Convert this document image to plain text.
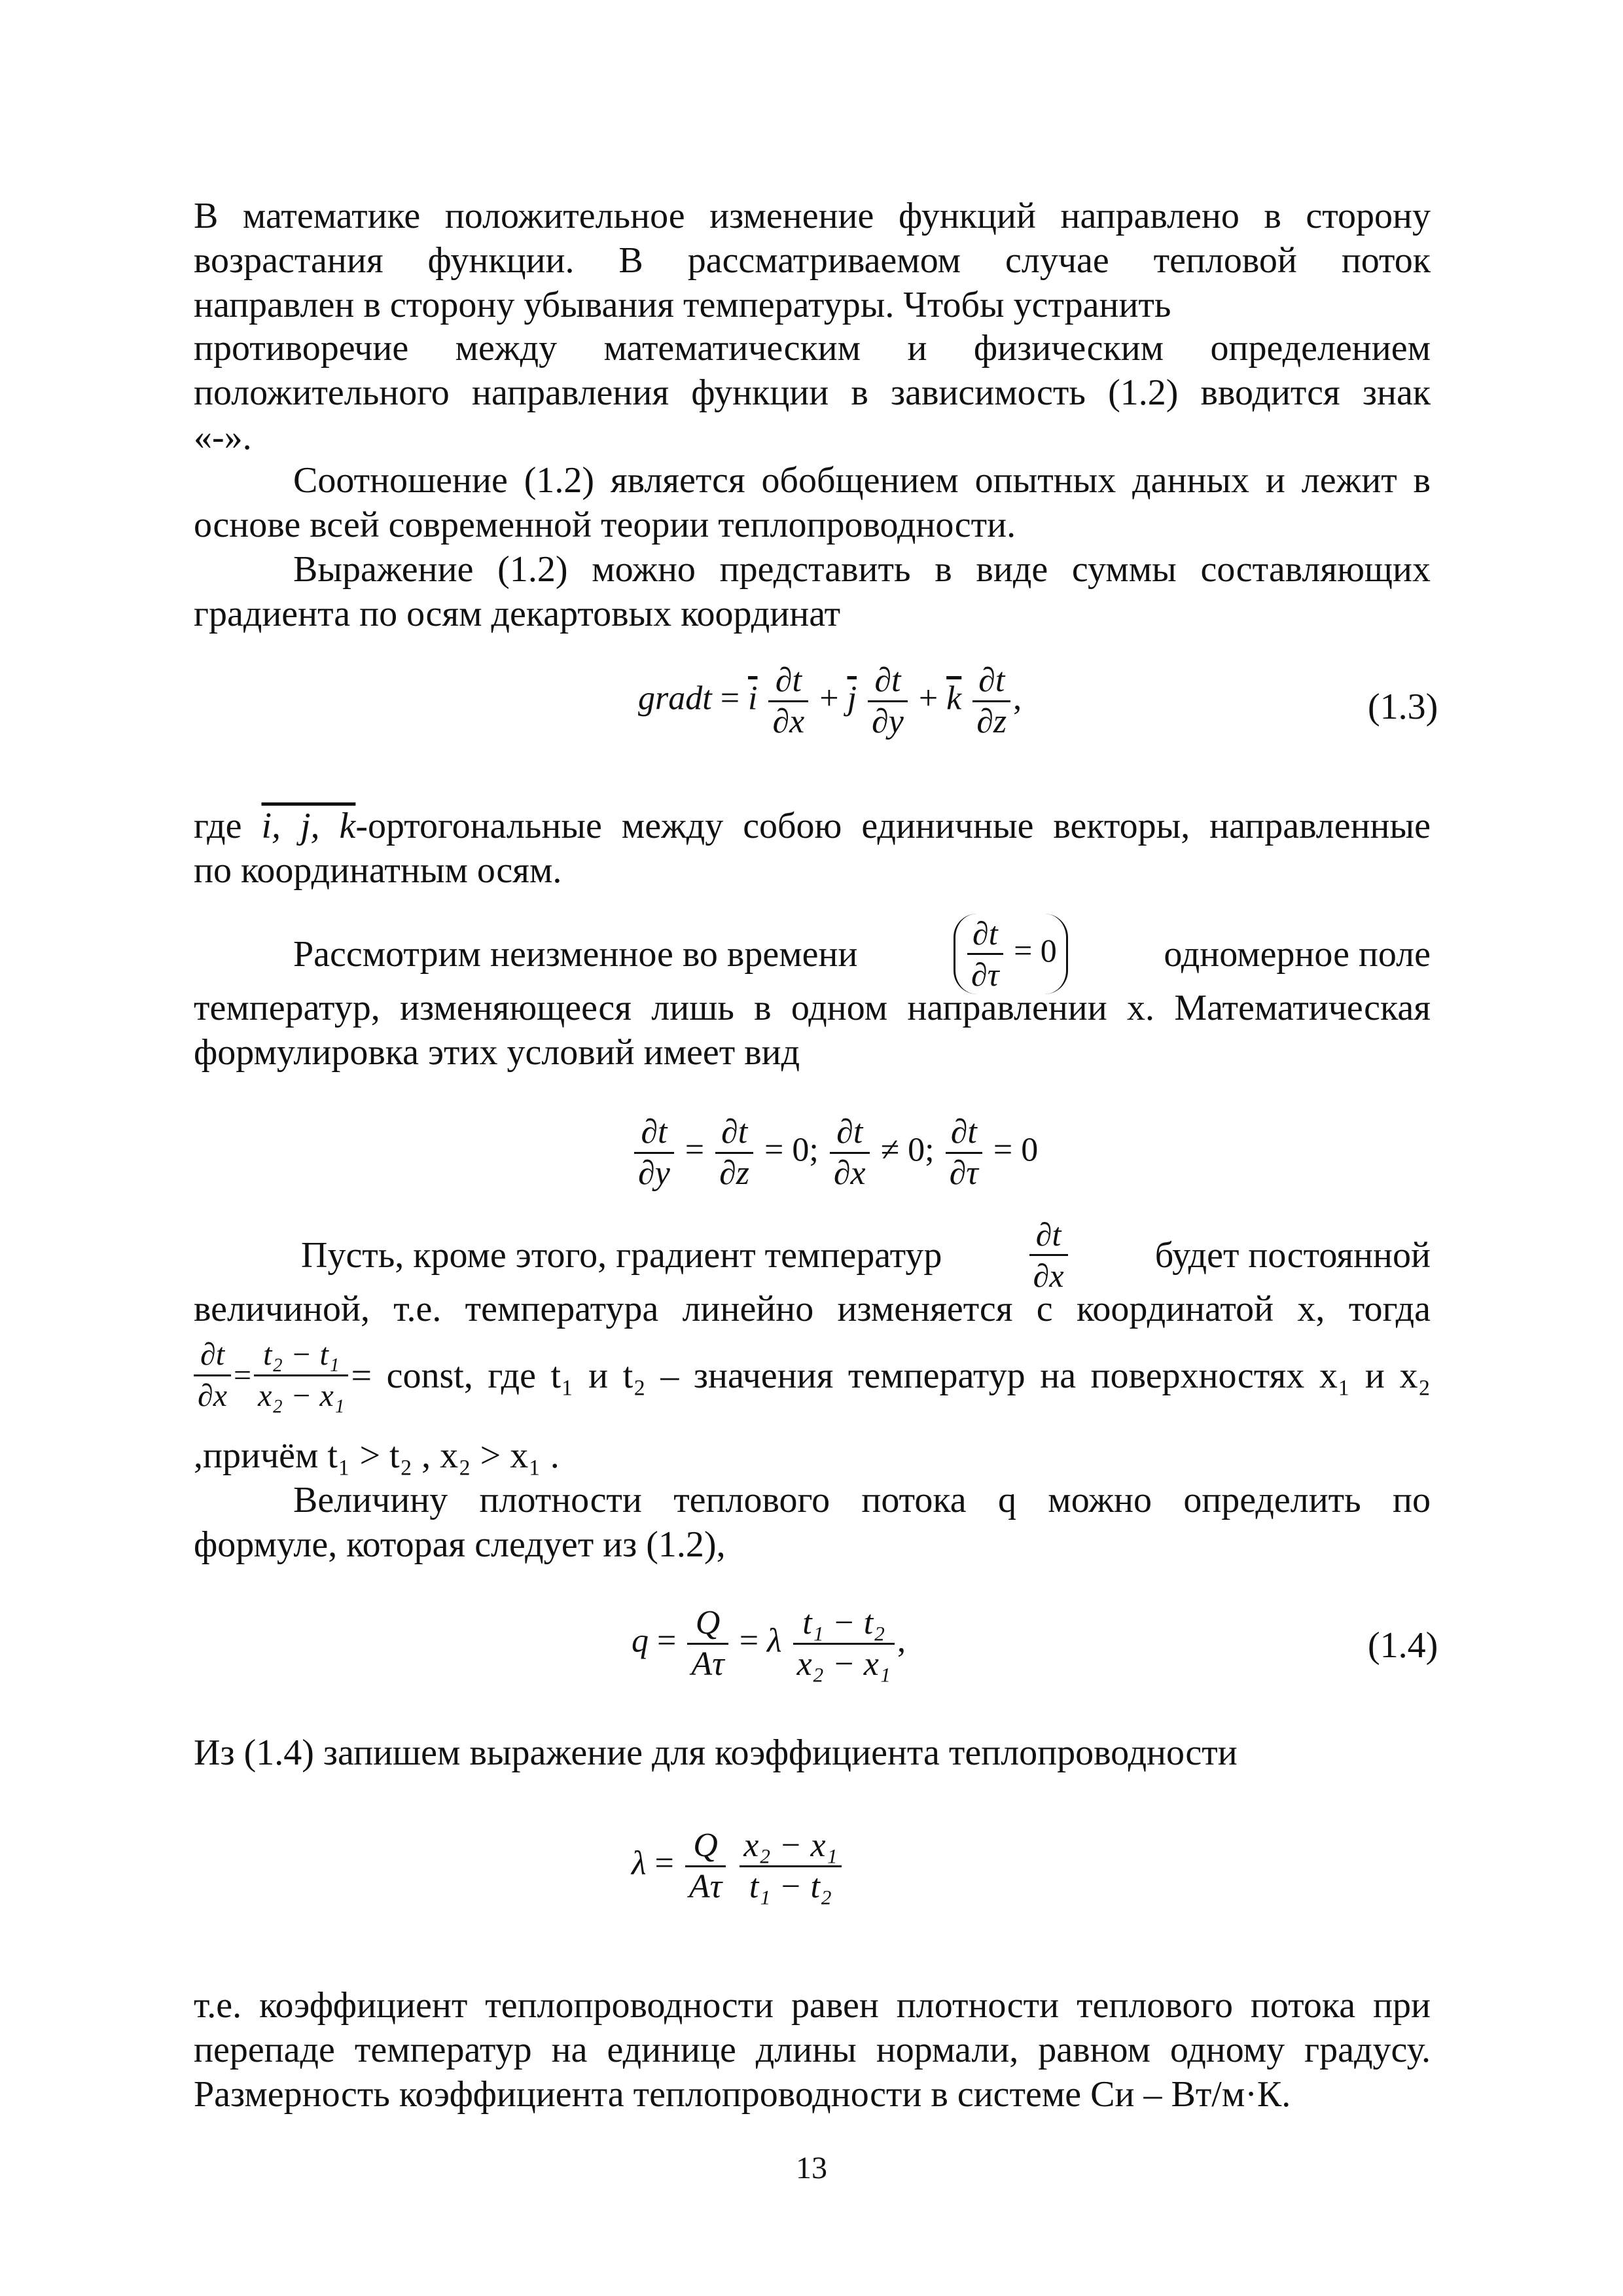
В математике положительное изменение функций направлено в сторону
возрастания функции. В рассматриваемом случае тепловой поток
направлен в сторону убывания температуры. Чтобы устранить
противоречие между математическим и физическим определением
положительного направления функции в зависимость (1.2) вводится знак
«-».
Соотношение (1.2) является обобщением опытных данных и лежит в
основе всей современной теории теплопроводности.
Выражение (1.2) можно представить в виде суммы составляющих
градиента по осям декартовых координат
gradt = $\overline{i} \frac{\partial t}{\partial x} + \overline{j} \frac{\partial t}{\partial y} + \overline{k} \frac{\partial t}{\partial z}$ ,	(1.3)
где i, j, k-ортогональные между собою единичные векторы, направленные
по координатным осям.
Рассмотрим неизменное во времени	$\frac{\partial t}{\partial\tau} = 0$	одномерное поле
температур, изменяющееся лишь в одном направлении x. Математическая
формулировка этих условий имеет вид
$\frac{\partial t}{\partial y} = \frac{\partial t}{\partial z} = 0$; $\frac{\partial t}{\partial x} \ne 0$; $\frac{\partial t}{\partial\tau} = 0$
Пусть, кроме этого, градиент температур	$\frac{\partial t}{\partial x}$ будет постоянной
величиной, т.е. температура линейно изменяется с координатой x, тогда
$\frac{\partial t}{\partial x} = \frac{\text{t₂ − t₁}}{\text{x₂ − x₁}}$ = const, где t₁ и t₂ – значения температур на поверхностях x₁ и x₂
,причём t₁ > t₂ , x₂ > x₁ .
Величину плотности теплового потока q можно определить по
формуле, которая следует из (1.2),
$q = \frac{Q}{A\tau} = \lambda \frac{\text{t₁ − t₂}}{\text{x₂ − x₁}}$ ,	(1.4)
Из (1.4) запишем выражение для коэффициента теплопроводности
$\lambda = \frac{Q}{A\tau}$
$\frac{\text{x₂ − x₁}}{\text{t₁ − t₂}}$
т.е. коэффициент теплопроводности равен плотности теплового потока при
перепаде температур на единице длины нормали, равном одному градусу.
Размерность коэффициента теплопроводности в системе Си – Вт/м·К.
13
